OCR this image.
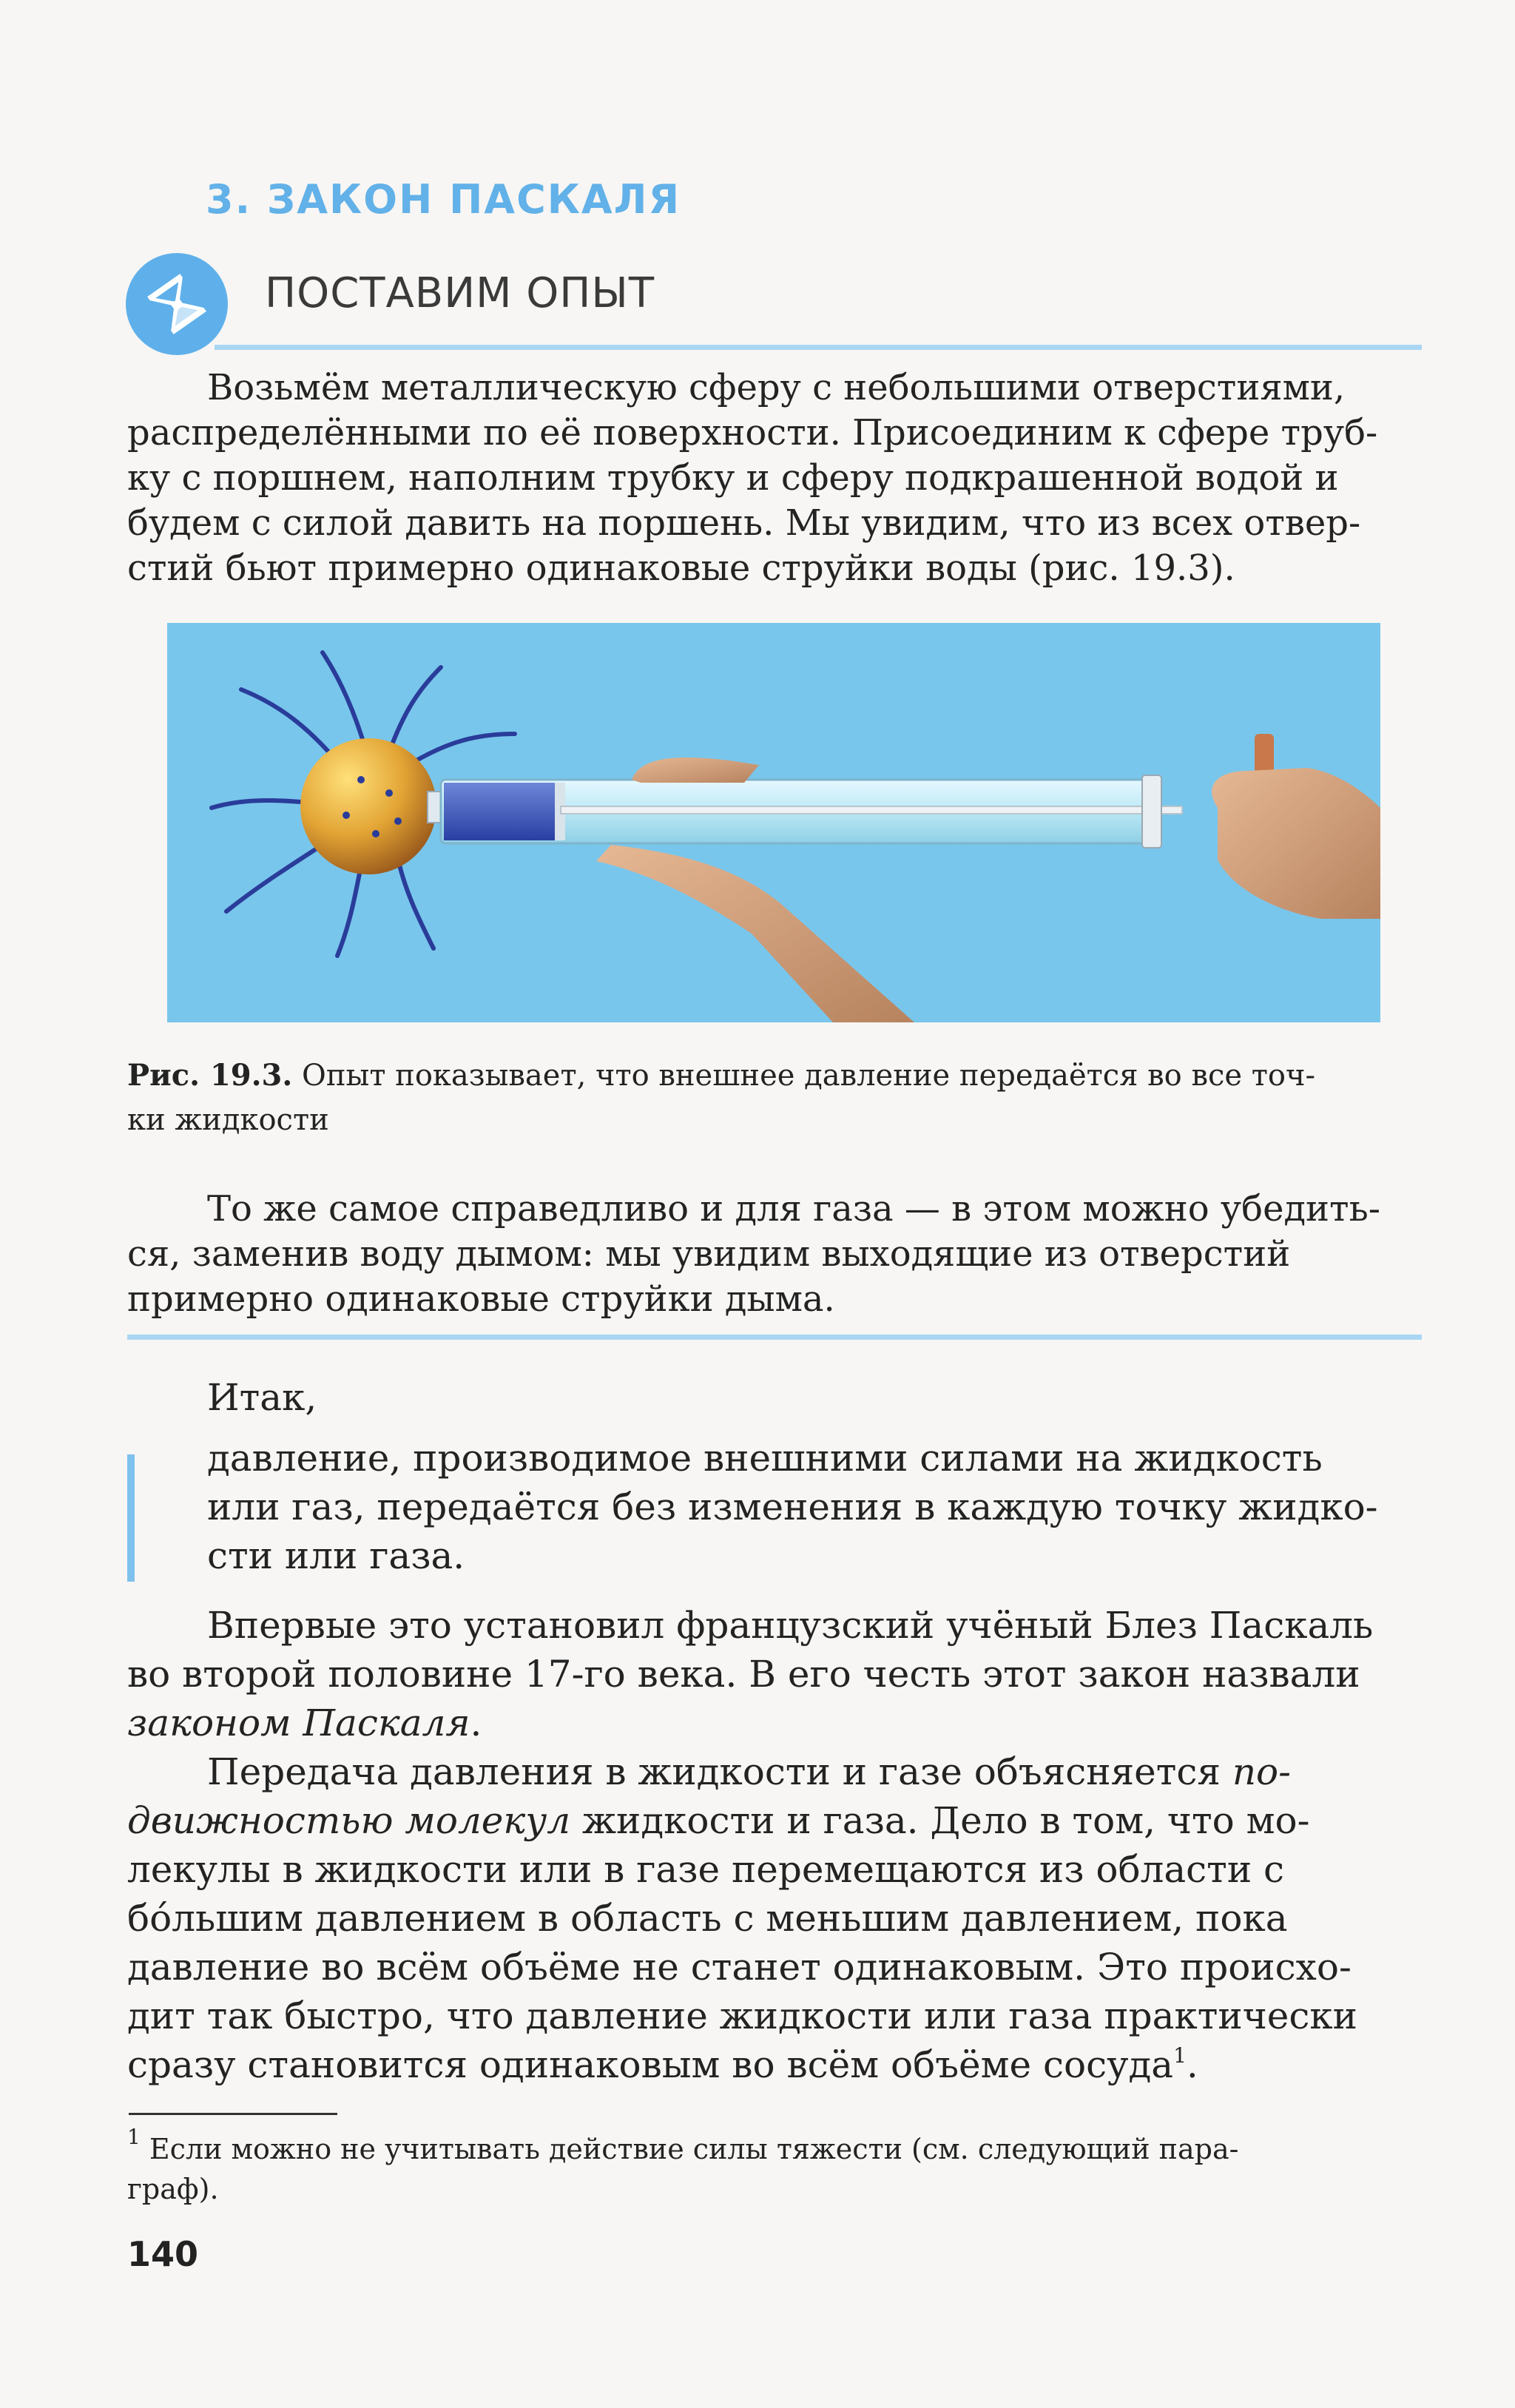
3. ЗАКОН ПАСКАЛЯ
ПОСТАВИМ ОПЫТ
Возьмём металлическую сферу с небольшими отверстиями,
распределёнными по её поверхности. Присоединим к сфере труб-
ку с поршнем, наполним трубку и сферу подкрашенной водой и
будем с силой давить на поршень. Мы увидим, что из всех отвер-
стий бьют примерно одинаковые струйки воды (рис. 19.3).
Рис. 19.3. Опыт показывает, что внешнее давление передаётся во все точ-
ки жидкости
То же самое справедливо и для газа — в этом можно убедить-
ся, заменив воду дымом: мы увидим выходящие из отверстий
примерно одинаковые струйки дыма.
Итак,
давление, производимое внешними силами на жидкость
или газ, передаётся без изменения в каждую точку жидко-
сти или газа.
Впервые это установил французский учёный Блез Паскаль
во второй половине 17-го века. В его честь этот закон назвали
законом Паскаля.
Передача давления в жидкости и газе объясняется по-
движностью молекул жидкости и газа. Дело в том, что мо-
лекулы в жидкости или в газе перемещаются из области с
бóльшим давлением в область с меньшим давлением, пока
давление во всём объёме не станет одинаковым. Это происхо-
дит так быстро, что давление жидкости или газа практически
сразу становится одинаковым во всём объёме сосуда$^1$.
$^1$ Если можно не учитывать действие силы тяжести (см. следующий пара-
граф).
140
